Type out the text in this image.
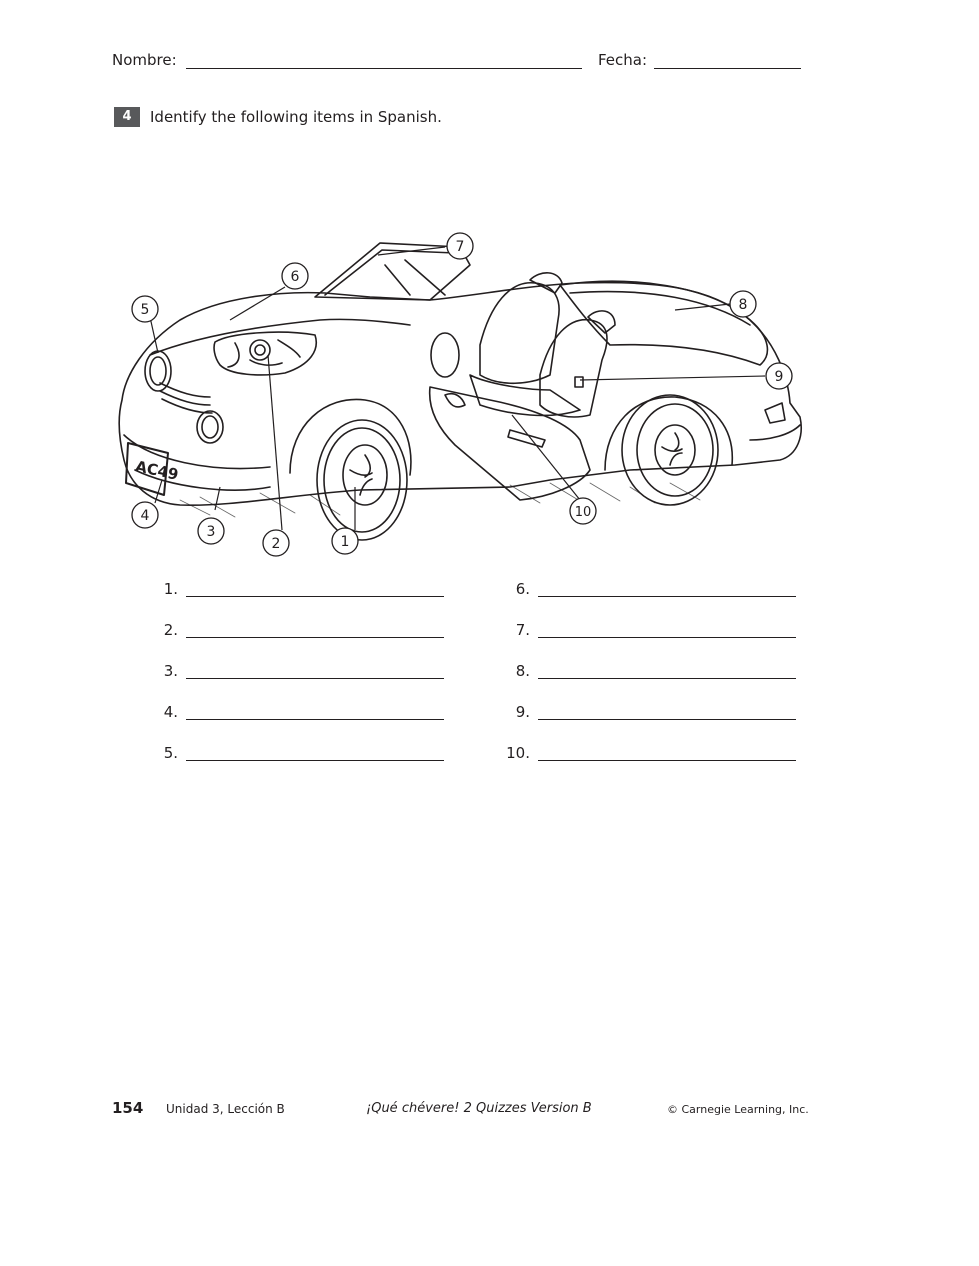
Nombre:	Fecha:
4	Identify the following items in Spanish.
AC49
1
2
3
4
5
6
7
8
9
10
1.
2.
3.
4.
5.
6.
7.
8.
9.
10.
154 Unidad 3, Lección B	¡Qué chévere! 2 Quizzes Version B	© Carnegie Learning, Inc.
